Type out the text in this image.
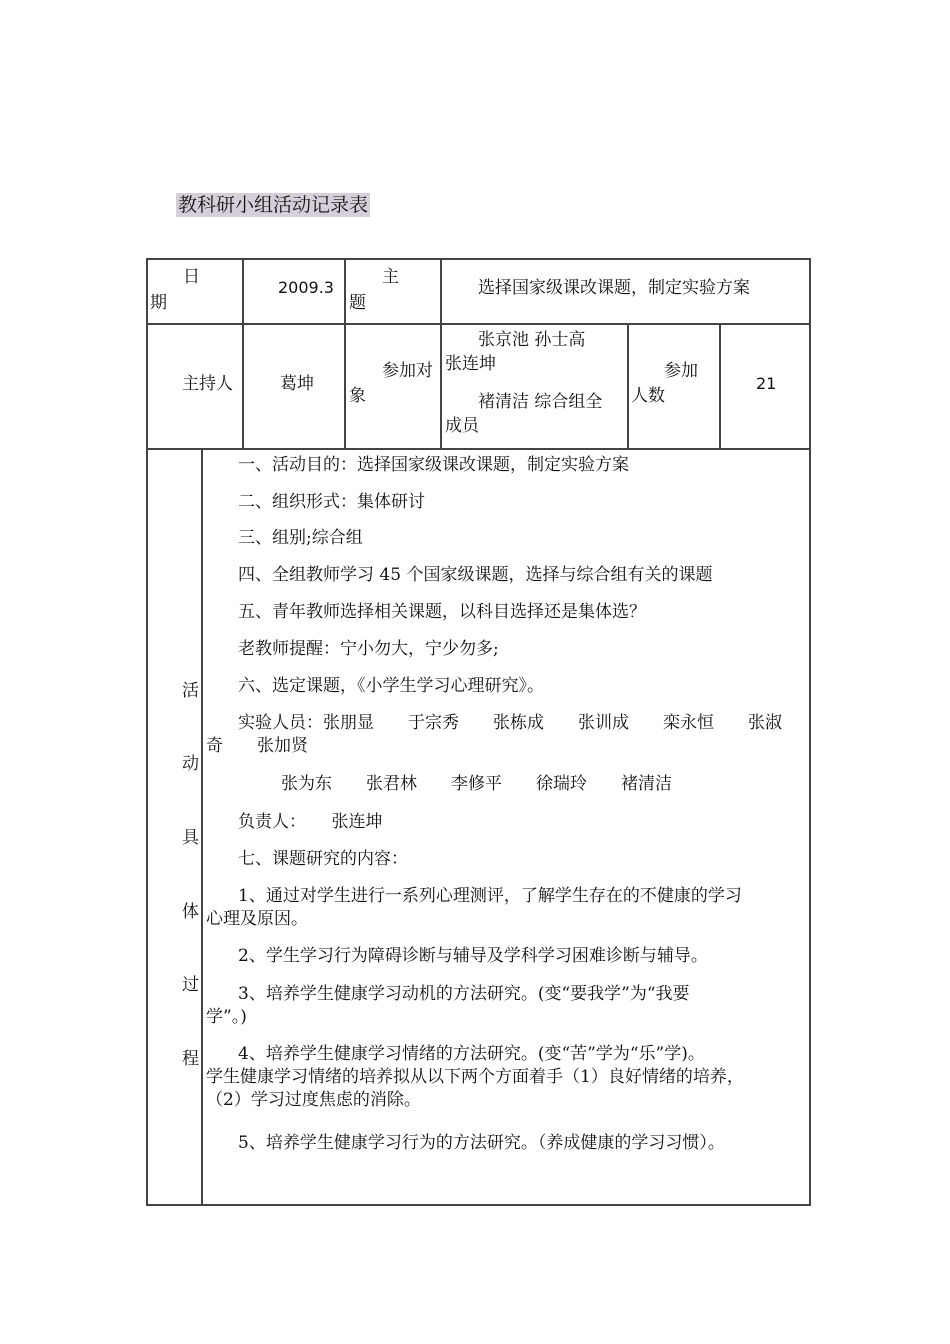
教科研小组活动记录表
日
期
2009.3
主
题
选择国家级课改课题，制定实验方案
主持人	葛坤
参加对
象
张京池 孙士高
张连坤
褚清洁 综合组全
成员
参加
人数
21
活
动
具
体
过
程
一、活动目的：选择国家级课改课题，制定实验方案
二、组织形式：集体研讨
三、组别;综合组
四、全组教师学习 45 个国家级课题，选择与综合组有关的课题
五、青年教师选择相关课题，以科目选择还是集体选？
老教师提醒：宁小勿大，宁少勿多;
六、选定课题，《小学生学习心理研究》。
实验人员：张朋显　　于宗秀　　张栋成　　张训成　　栾永恒　　张淑
奇　　张加贤
张为东　　张君林　　李修平　　徐瑞玲　　褚清洁
负责人：　　张连坤
七、课题研究的内容：
1、通过对学生进行一系列心理测评，了解学生存在的不健康的学习
心理及原因。
2、学生学习行为障碍诊断与辅导及学科学习困难诊断与辅导。
3、培养学生健康学习动机的方法研究。(变“要我学”为“我要
学”。)
4、培养学生健康学习情绪的方法研究。(变“苦”学为“乐”学)。
学生健康学习情绪的培养拟从以下两个方面着手（1）良好情绪的培养，
（2）学习过度焦虑的消除。
5、培养学生健康学习行为的方法研究。（养成健康的学习习惯）。
